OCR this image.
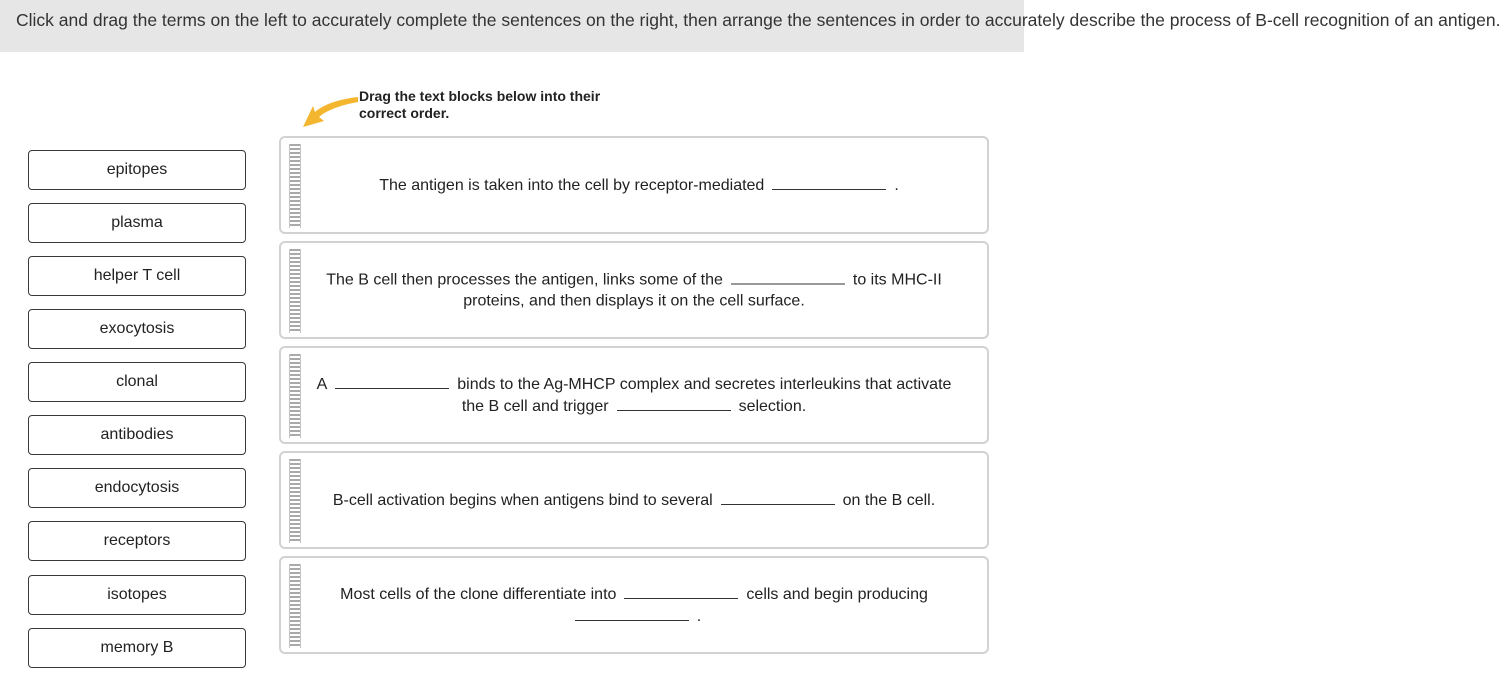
Click and drag the terms on the left to accurately complete the sentences on the right, then arrange the sentences in order to accurately describe the process of B-cell recognition of an antigen.
Drag the text blocks below into their
correct order.
epitopes
plasma
helper T cell
exocytosis
clonal
antibodies
endocytosis
receptors
isotopes
memory B
The antigen is taken into the cell by receptor-mediated	.
The B cell then processes the antigen, links some of the	to its MHC-II proteins, and then displays it on the cell surface.
A	binds to the Ag-MHCP complex and secretes interleukins that activate the B cell and trigger	selection.
B-cell activation begins when antigens bind to several	on the B cell.
Most cells of the clone differentiate into	cells and begin producing.
